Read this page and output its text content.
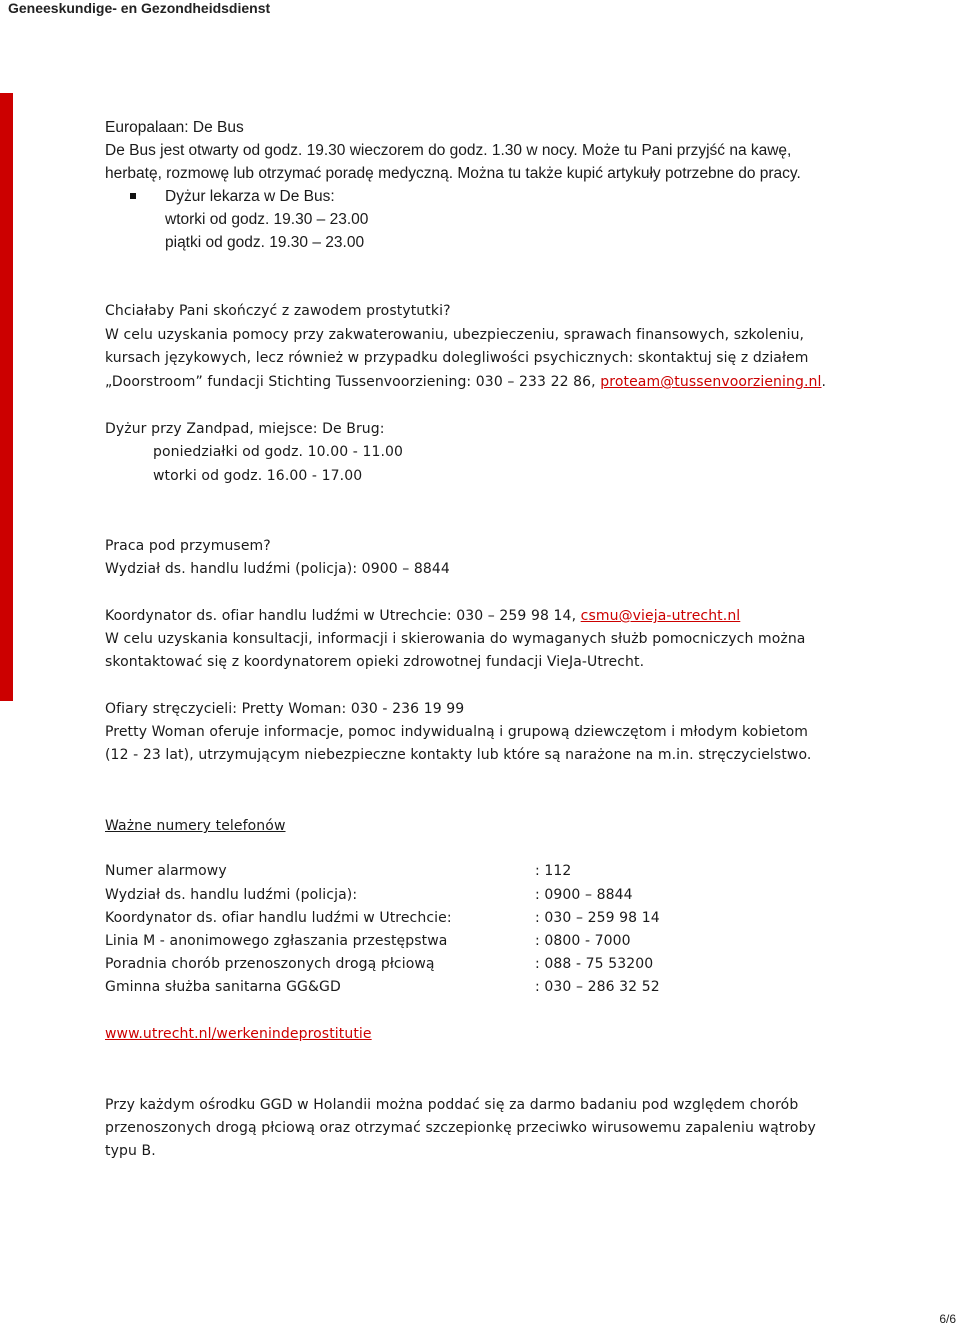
Geneeskundige- en Gezondheidsdienst
Europalaan: De Bus
De Bus jest otwarty od godz. 19.30 wieczorem do godz. 1.30 w nocy. Może tu Pani przyjść na kawę,
herbatę, rozmowę lub otrzymać poradę medyczną. Można tu także kupić artykuły potrzebne do pracy.
Dyżur lekarza w De Bus:
wtorki od godz. 19.30 – 23.00
piątki od godz. 19.30 – 23.00
Chciałaby Pani skończyć z zawodem prostytutki?
W celu uzyskania pomocy przy zakwaterowaniu, ubezpieczeniu, sprawach finansowych, szkoleniu,
kursach językowych, lecz również w przypadku dolegliwości psychicznych: skontaktuj się z działem
„Doorstroom” fundacji Stichting Tussenvoorziening: 030 – 233 22 86, proteam@tussenvoorziening.nl.
Dyżur przy Zandpad, miejsce: De Brug:
poniedziałki od godz. 10.00 - 11.00
wtorki od godz. 16.00 - 17.00
Praca pod przymusem?
Wydział ds. handlu ludźmi (policja): 0900 – 8844
Koordynator ds. ofiar handlu ludźmi w Utrechcie: 030 – 259 98 14, csmu@vieja-utrecht.nl
W celu uzyskania konsultacji, informacji i skierowania do wymaganych służb pomocniczych można
skontaktować się z koordynatorem opieki zdrowotnej fundacji VieJa-Utrecht.
Ofiary stręczycieli: Pretty Woman: 030 - 236 19 99
Pretty Woman oferuje informacje, pomoc indywidualną i grupową dziewczętom i młodym kobietom
(12 - 23 lat), utrzymującym niebezpieczne kontakty lub które są narażone na m.in. stręczycielstwo.
Ważne numery telefonów
Numer alarmowy	: 112
Wydział ds. handlu ludźmi (policja):	: 0900 – 8844
Koordynator ds. ofiar handlu ludźmi w Utrechcie:	: 030 – 259 98 14
Linia M - anonimowego zgłaszania przestępstwa	: 0800 - 7000
Poradnia chorób przenoszonych drogą płciową	: 088 - 75 53200
Gminna służba sanitarna GG&GD	: 030 – 286 32 52
www.utrecht.nl/werkenindeprostitutie
Przy każdym ośrodku GGD w Holandii można poddać się za darmo badaniu pod względem chorób
przenoszonych drogą płciową oraz otrzymać szczepionkę przeciwko wirusowemu zapaleniu wątroby
typu B.
6/6
